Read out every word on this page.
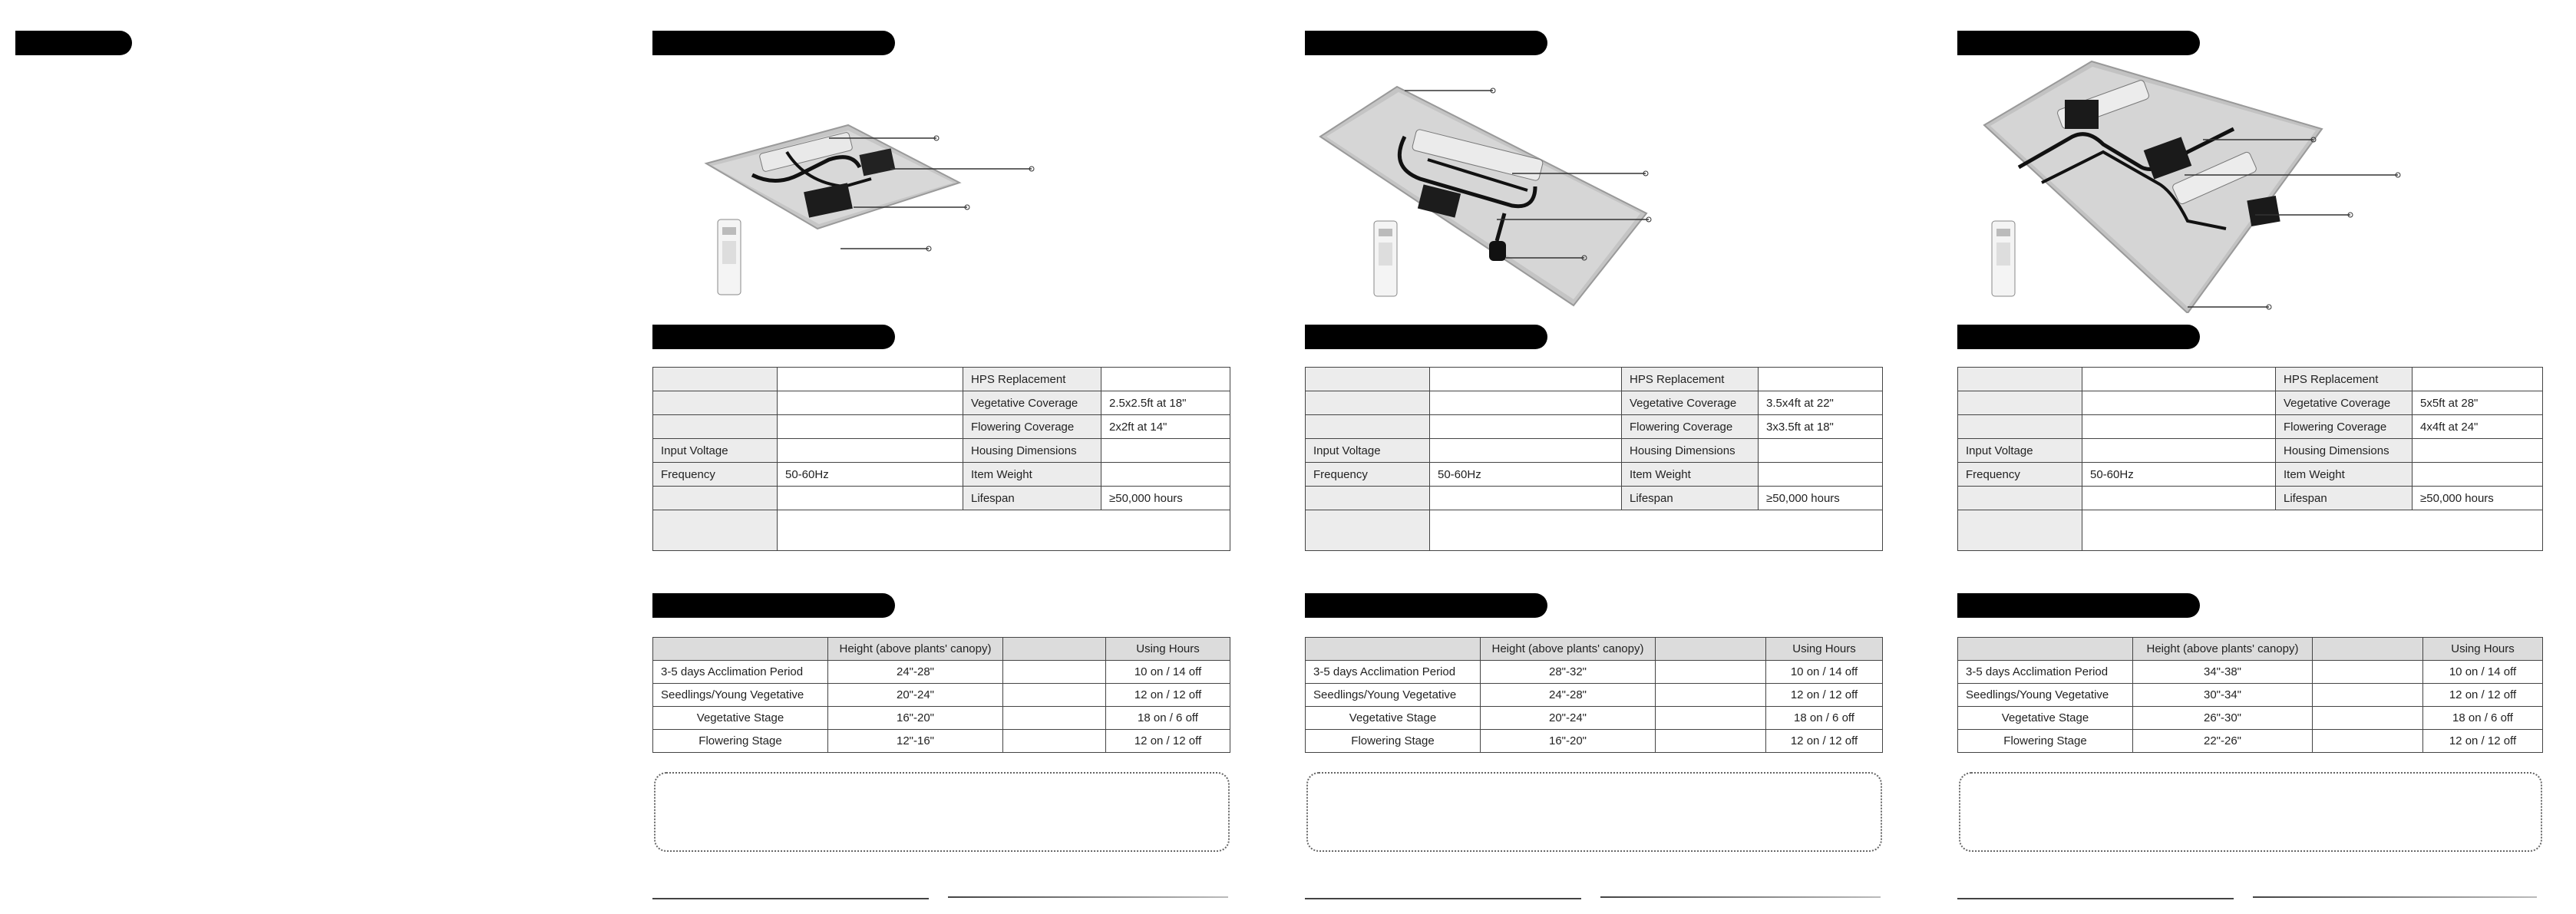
		HPS Replacement	
		Vegetative Coverage	2.5x2.5ft at 18"
		Flowering Coverage	2x2ft at 14"
Input Voltage		Housing Dimensions	
Frequency	50-60Hz	Item Weight	
		Lifespan	≥50,000 hours

	Height (above plants' canopy)		Using Hours
3-5 days Acclimation Period	24"-28"		10 on / 14 off
Seedlings/Young Vegetative	20"-24"		12 on / 12 off
Vegetative Stage	16"-20"		18 on / 6 off
Flowering Stage	12"-16"		12 on / 12 off
		HPS Replacement	
		Vegetative Coverage	3.5x4ft at 22"
		Flowering Coverage	3x3.5ft at 18"
Input Voltage		Housing Dimensions	
Frequency	50-60Hz	Item Weight	
		Lifespan	≥50,000 hours

	Height (above plants' canopy)		Using Hours
3-5 days Acclimation Period	28"-32"		10 on / 14 off
Seedlings/Young Vegetative	24"-28"		12 on / 12 off
Vegetative Stage	20"-24"		18 on / 6 off
Flowering Stage	16"-20"		12 on / 12 off
		HPS Replacement	
		Vegetative Coverage	5x5ft at 28"
		Flowering Coverage	4x4ft at 24"
Input Voltage		Housing Dimensions	
Frequency	50-60Hz	Item Weight	
		Lifespan	≥50,000 hours

	Height (above plants' canopy)		Using Hours
3-5 days Acclimation Period	34"-38"		10 on / 14 off
Seedlings/Young Vegetative	30"-34"		12 on / 12 off
Vegetative Stage	26"-30"		18 on / 6 off
Flowering Stage	22"-26"		12 on / 12 off
